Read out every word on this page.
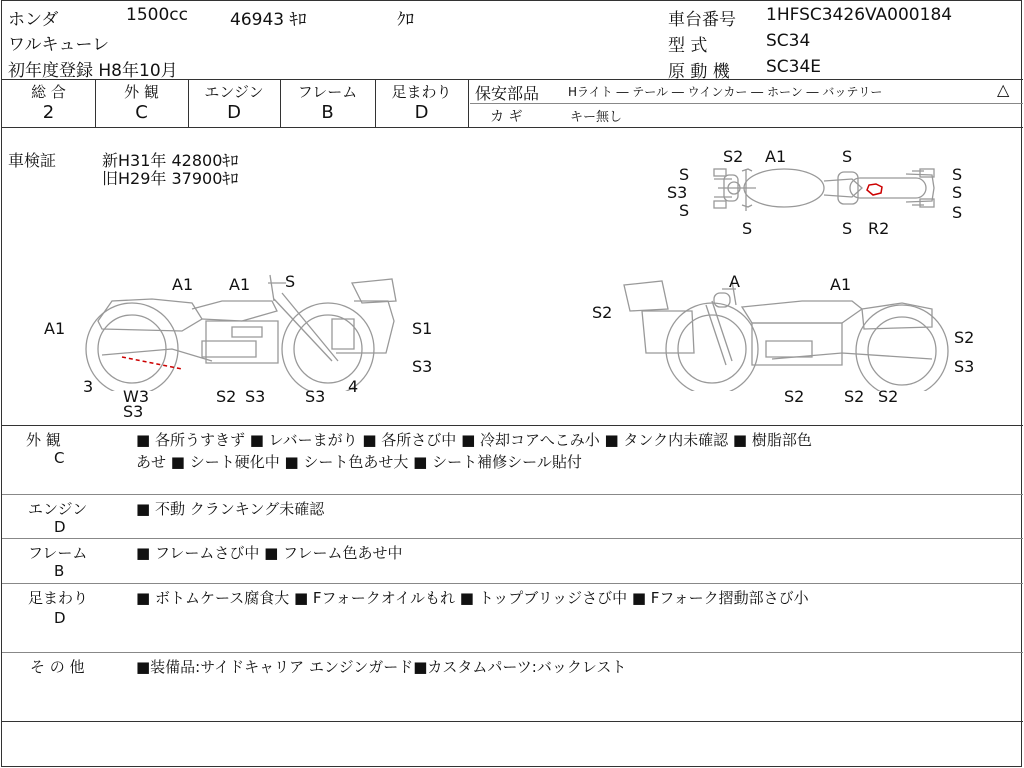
ホンダ	1500cc 46943 ｷﾛ	ｸﾛ
ワルキューレ
初年度登録 H8年10月
車台番号 1HFSC3426VA000184
型 式	SC34
原 動 機 SC34E
総 合	外 観	エンジン	フレーム	足まわり
2	C	D	B	D
保安部品 Hライト ― テール ― ウインカー ― ホーン ― バッテリー	△
カ ギ	キー無し
車検証	新H31年 42800ｷﾛ
旧H29年 37900ｷﾛ
S2 A1	S
S
S3
S
S	S
S
S
S
R2
A1 A1 S
A1	S1
S3
3
W3
S3
S2 S3 S3
4
A	A1
S2
S2
S3
S2 S2 S2
外 観
C
■ 各所うすきず ■ レバーまがり ■ 各所さび中 ■ 冷却コアへこみ小 ■ タンク内未確認 ■ 樹脂部色
あせ ■ シート硬化中 ■ シート色あせ大 ■ シート補修シール貼付
エンジン
D
■ 不動 クランキング未確認
フレーム
B
■ フレームさび中 ■ フレーム色あせ中
足まわり
D
■ ボトムケース腐食大 ■ Fフォークオイルもれ ■ トップブリッジさび中 ■ Fフォーク摺動部さび小
そ の 他	■装備品:サイドキャリア エンジンガード■カスタムパーツ:バックレスト
